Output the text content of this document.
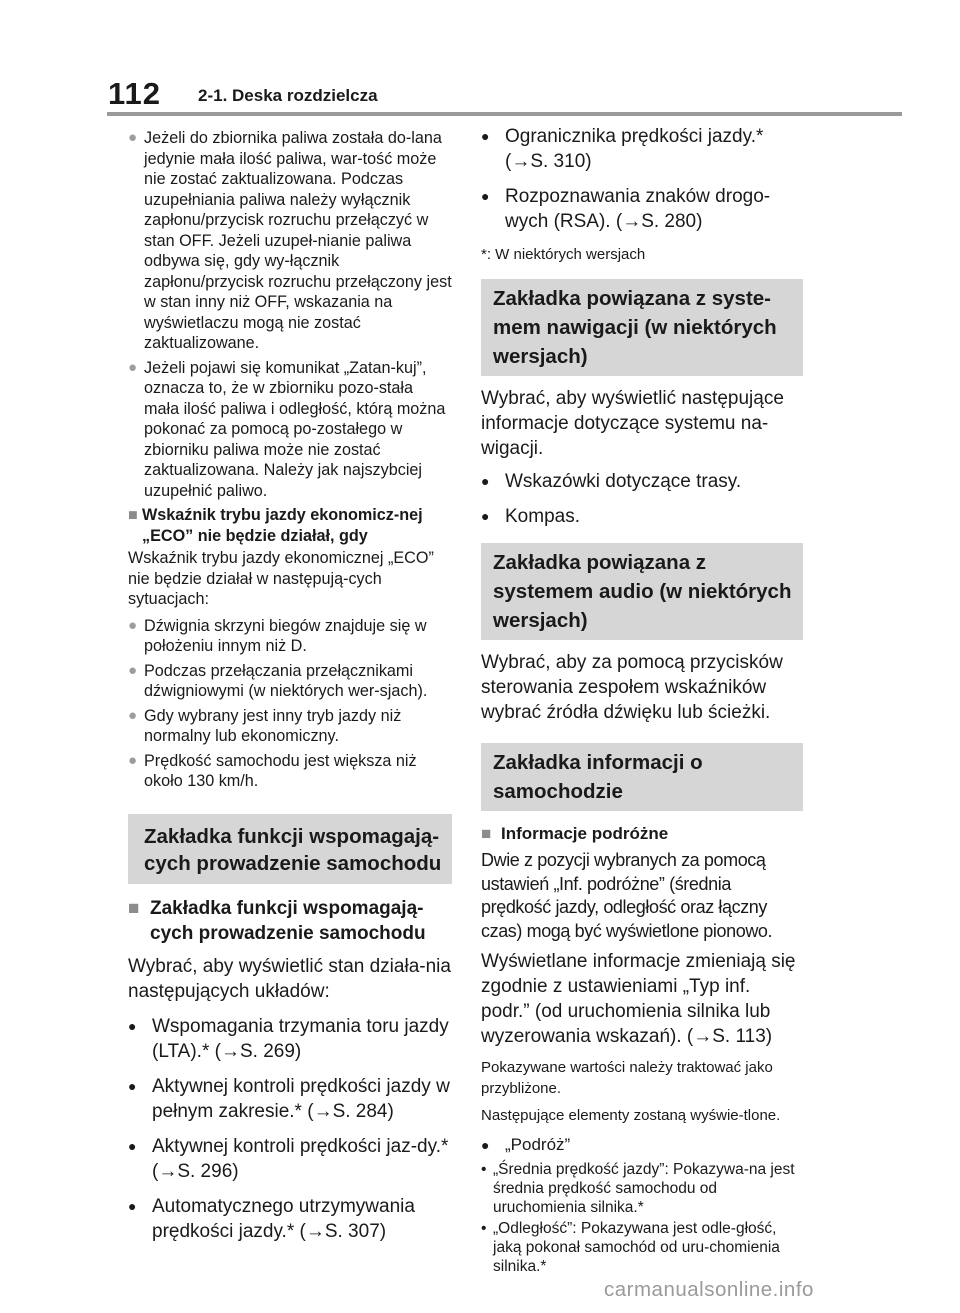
112 2-1. Deska rozdzielcza
● Jeżeli do zbiornika paliwa została do-lana jedynie mała ilość paliwa, war-tość może nie zostać zaktualizowana. Podczas uzupełniania paliwa należy wyłącznik zapłonu/przycisk rozruchu przełączyć w stan OFF. Jeżeli uzupeł-nianie paliwa odbywa się, gdy wy-łącznik zapłonu/przycisk rozruchu przełączony jest w stan inny niż OFF, wskazania na wyświetlaczu mogą nie zostać zaktualizowane.
● Jeżeli pojawi się komunikat „Zatan-kuj”, oznacza to, że w zbiorniku pozo-stała mała ilość paliwa i odległość, którą można pokonać za pomocą po-zostałego w zbiorniku paliwa może nie zostać zaktualizowana. Należy jak najszybciej uzupełnić paliwo.
■ Wskaźnik trybu jazdy ekonomicz-nej „ECO” nie będzie działał, gdy
Wskaźnik trybu jazdy ekonomicznej „ECO” nie będzie działał w następują-cych sytuacjach:
● Dźwignia skrzyni biegów znajduje się w położeniu innym niż D.
● Podczas przełączania przełącznikami dźwigniowymi (w niektórych wer-sjach).
● Gdy wybrany jest inny tryb jazdy niż normalny lub ekonomiczny.
● Prędkość samochodu jest większa niż około 130 km/h.
Zakładka funkcji wspomagają-cych prowadzenie samochodu
■ Zakładka funkcji wspomagają-cych prowadzenie samochodu
Wybrać, aby wyświetlić stan działa-nia następujących układów:
● Wspomagania trzymania toru jazdy (LTA).* (→S. 269)
● Aktywnej kontroli prędkości jazdy w pełnym zakresie.* (→S. 284)
● Aktywnej kontroli prędkości jaz-dy.* (→S. 296)
● Automatycznego utrzymywania prędkości jazdy.* (→S. 307)
● Ogranicznika prędkości jazdy.* (→S. 310)
● Rozpoznawania znaków drogo-wych (RSA). (→S. 280)
*: W niektórych wersjach
Zakładka powiązana z syste-mem nawigacji (w niektórych wersjach)
Wybrać, aby wyświetlić następujące informacje dotyczące systemu na-wigacji.
● Wskazówki dotyczące trasy.
● Kompas.
Zakładka powiązana z systemem audio (w niektórych wersjach)
Wybrać, aby za pomocą przycisków sterowania zespołem wskaźników wybrać źródła dźwięku lub ścieżki.
Zakładka informacji o samochodzie
■ Informacje podróżne
Dwie z pozycji wybranych za pomocą ustawień „Inf. podróżne” (średnia prędkość jazdy, odległość oraz łączny czas) mogą być wyświetlone pionowo.
Wyświetlane informacje zmieniają się zgodnie z ustawieniami „Typ inf. podr.” (od uruchomienia silnika lub wyzerowania wskazań). (→S. 113)
Pokazywane wartości należy traktować jako przybliżone.
Następujące elementy zostaną wyświe-tlone.
● „Podróż”
• „Średnia prędkość jazdy”: Pokazywa-na jest średnia prędkość samochodu od uruchomienia silnika.*
• „Odległość”: Pokazywana jest odle-głość, jaką pokonał samochód od uru-chomienia silnika.*
carmanualsonline.info
